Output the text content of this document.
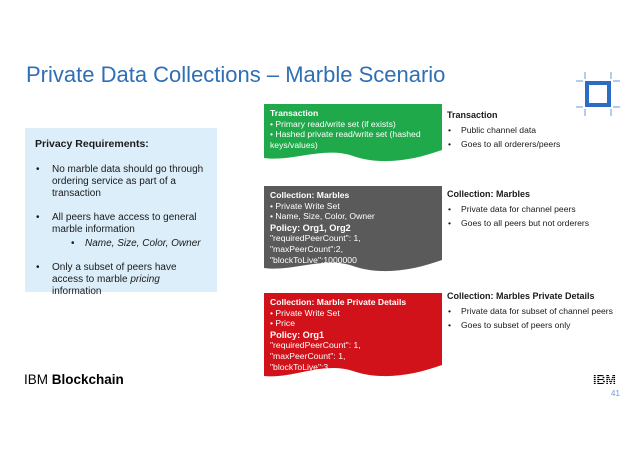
Private Data Collections – Marble Scenario
Privacy Requirements:
• No marble data should go through ordering service as part of a transaction
• All peers have access to general marble information
• Name, Size, Color, Owner
• Only a subset of peers have access to marble pricing information
Transaction
• Primary read/write set (if exists)
• Hashed private read/write set (hashed keys/values)
Collection: Marbles
• Private Write Set
• Name, Size, Color, Owner
Policy: Org1, Org2
"requiredPeerCount": 1,
"maxPeerCount":2,
"blockToLive":1000000
Collection: Marble Private Details
• Private Write Set
• Price
Policy: Org1
"requiredPeerCount": 1,
"maxPeerCount": 1,
"blockToLive":3
Transaction
• Public channel data
• Goes to all orderers/peers
Collection: Marbles
• Private data for channel peers
• Goes to all peers but not orderers
Collection: Marbles Private Details
• Private data for subset of channel peers
• Goes to subset of peers only
IBM Blockchain	IBM
41
